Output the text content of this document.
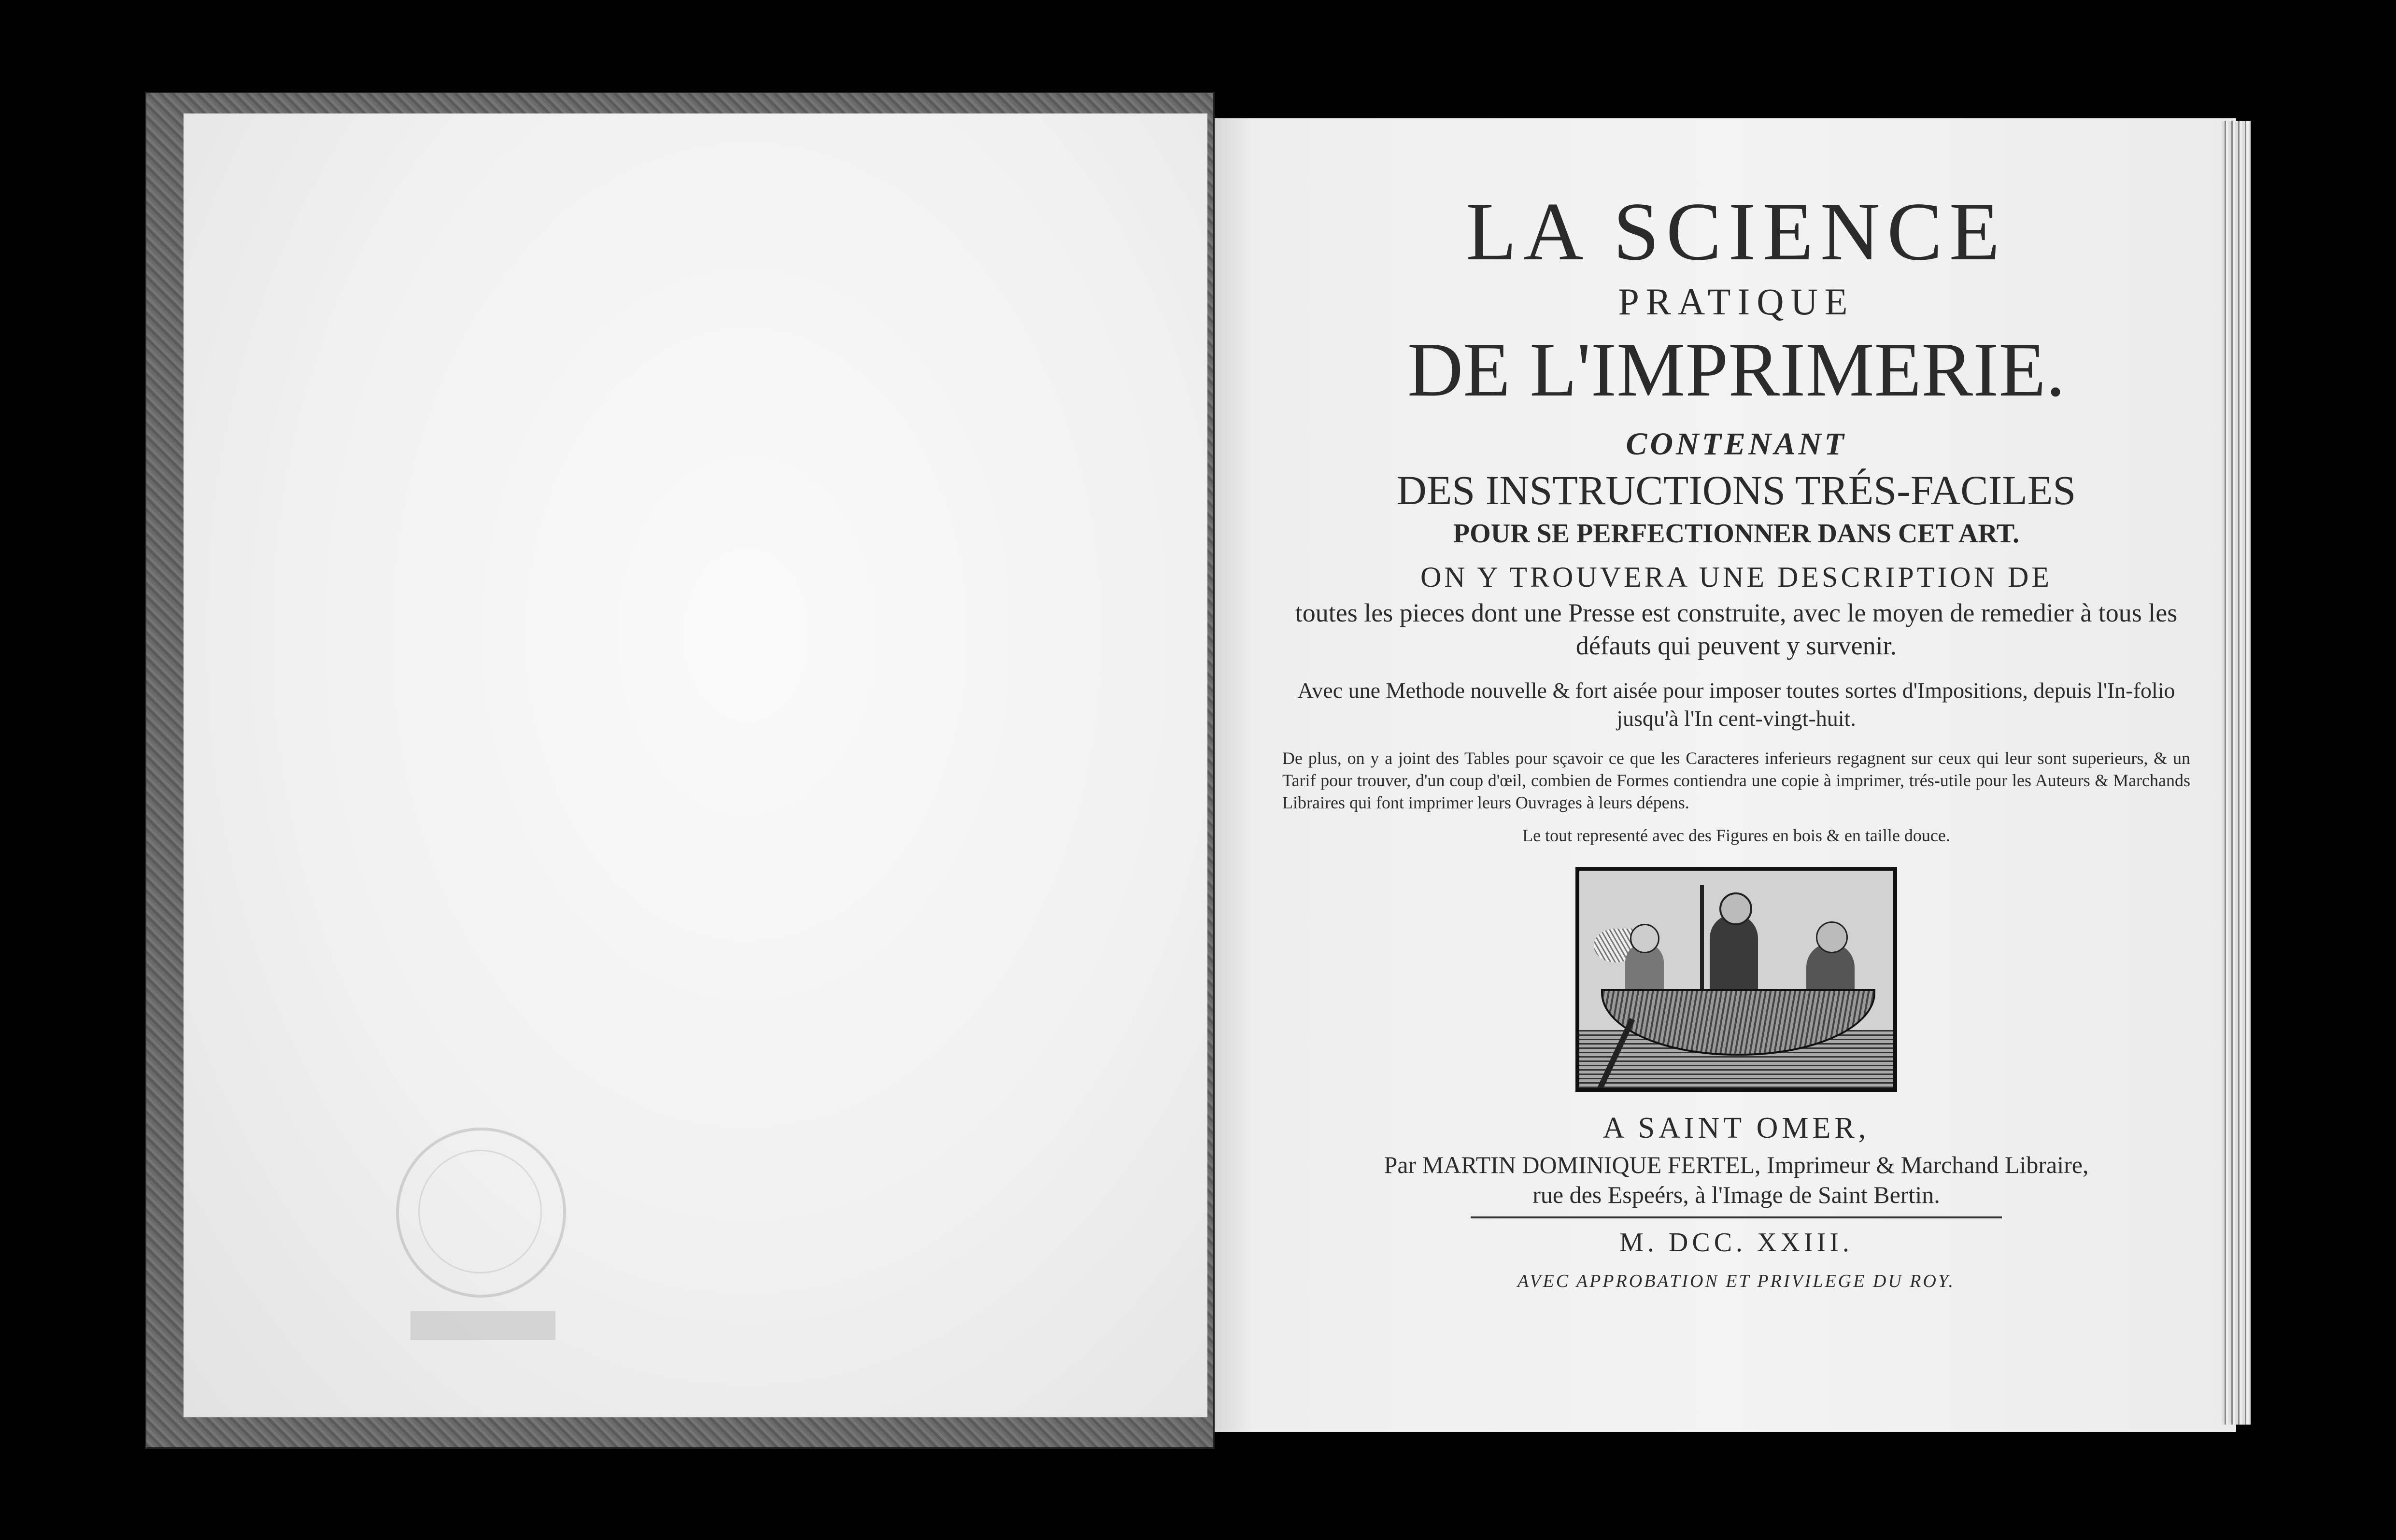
LA SCIENCE

PRATIQUE

DE L'IMPRIMERIE.

CONTENANT

DES INSTRUCTIONS TRÉS-FACILES

POUR SE PERFECTIONNER DANS CET ART.

ON Y TROUVERA UNE DESCRIPTION DE

toutes les pieces dont une Presse est construite, avec le moyen de remedier à tous les défauts qui peuvent y survenir.

Avec une Methode nouvelle & fort aisée pour imposer toutes sortes d'Impositions, depuis l'In-folio jusqu'à l'In cent-vingt-huit.

De plus, on y a joint des Tables pour sçavoir ce que les Caracteres inferieurs regagnent sur ceux qui leur sont superieurs, & un Tarif pour trouver, d'un coup d'œil, combien de Formes contiendra une copie à imprimer, trés-utile pour les Auteurs & Marchands Libraires qui font imprimer leurs Ouvrages à leurs dépens.

Le tout representé avec des Figures en bois & en taille douce.

A SAINT OMER,

Par MARTIN DOMINIQUE FERTEL, Imprimeur & Marchand Libraire,

rue des Espeérs, à l'Image de Saint Bertin.

M. DCC. XXIII.

AVEC APPROBATION ET PRIVILEGE DU ROY.
